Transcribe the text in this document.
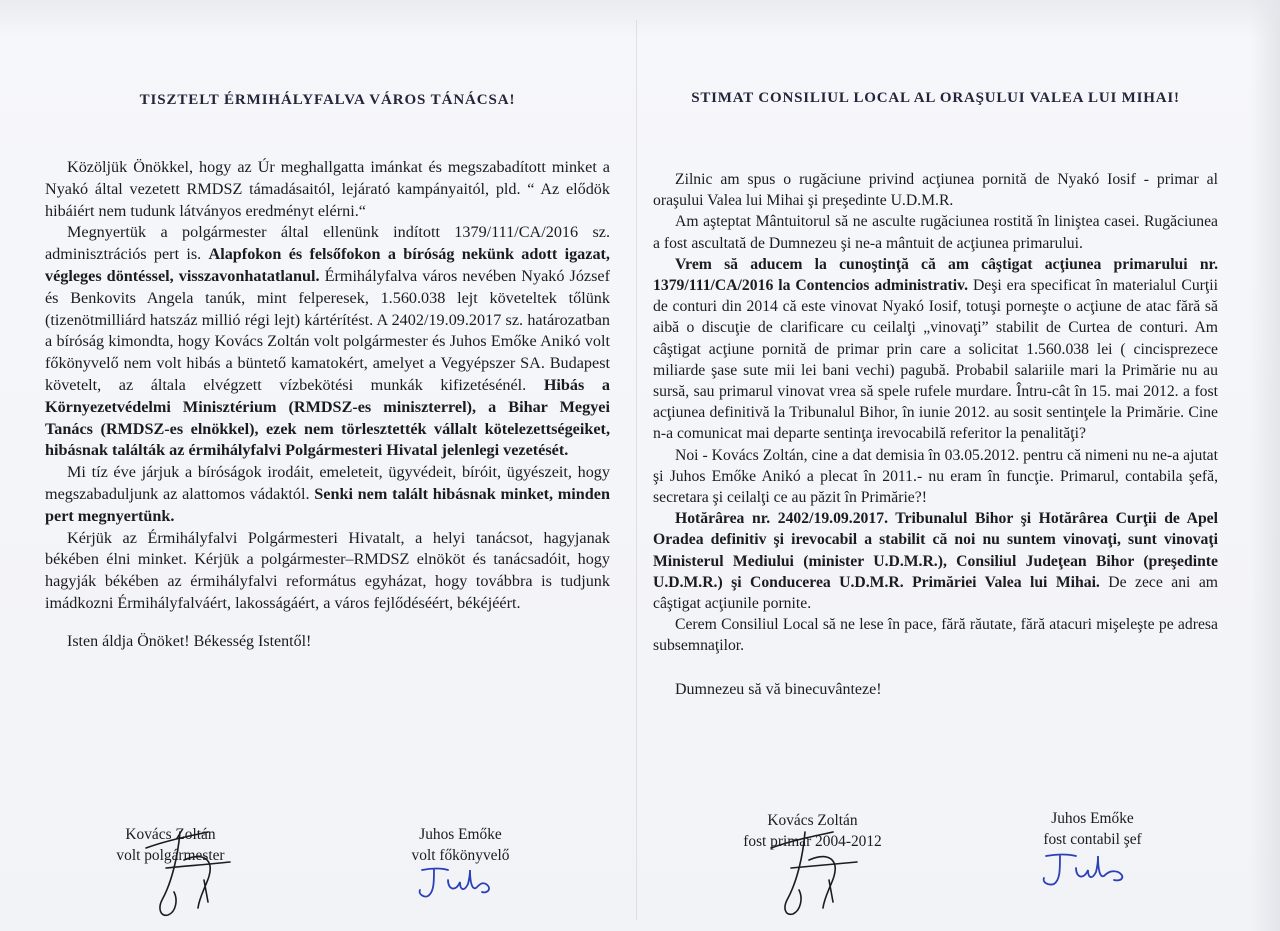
TISZTELT ÉRMIHÁLYFALVA VÁROS TÁNÁCSA!

Közöljük Önökkel, hogy az Úr meghallgatta imánkat és megszabadított minket a Nyakó által vezetett RMDSZ támadásaitól, lejárató kampányaitól, pld. “ Az elődök hibáiért nem tudunk látványos eredményt elérni.“

Megnyertük a polgármester által ellenünk indított 1379/111/CA/2016 sz. adminisztrációs pert is. Alapfokon és felsőfokon a bíróság nekünk adott igazat, végleges döntéssel, visszavonhatatlanul. Érmihályfalva város nevében Nyakó József és Benkovits Angela tanúk, mint felperesek, 1.560.038 lejt követeltek tőlünk (tizenötmilliárd hatszáz millió régi lejt) kártérítést. A 2402/19.09.2017 sz. határozatban a bíróság kimondta, hogy Kovács Zoltán volt polgármester és Juhos Emőke Anikó volt főkönyvelő nem volt hibás a büntető kamatokért, amelyet a Vegyépszer SA. Budapest követelt, az általa elvégzett vízbekötési munkák kifizetésénél. Hibás a Környezetvédelmi Minisztérium (RMDSZ-es miniszterrel), a Bihar Megyei Tanács (RMDSZ-es elnökkel), ezek nem törlesztették vállalt kötelezettségeiket, hibásnak találták az érmihályfalvi Polgármesteri Hivatal jelenlegi vezetését.

Mi tíz éve járjuk a bíróságok irodáit, emeleteit, ügyvédeit, bíróit, ügyészeit, hogy megszabaduljunk az alattomos vádaktól. Senki nem talált hibásnak minket, minden pert megnyertünk.

Kérjük az Érmihályfalvi Polgármesteri Hivatalt, a helyi tanácsot, hagyjanak békében élni minket. Kérjük a polgármester–RMDSZ elnököt és tanácsadóit, hogy hagyják békében az érmihályfalvi református egyházat, hogy továbbra is tudjunk imádkozni Érmihályfalváért, lakosságáért, a város fejlődéséért, békéjéért.

Isten áldja Önöket! Békesség Istentől!

STIMAT CONSILIUL LOCAL AL ORAŞULUI VALEA LUI MIHAI!

Zilnic am spus o rugăciune privind acţiunea pornită de Nyakó Iosif - primar al oraşului Valea lui Mihai şi preşedinte U.D.M.R.

Am aşteptat Mântuitorul să ne asculte rugăciunea rostită în liniştea casei. Rugăciunea a fost ascultată de Dumnezeu şi ne-a mântuit de acţiunea primarului.

Vrem să aducem la cunoştinţă că am câştigat acţiunea primarului nr. 1379/111/CA/2016 la Contencios administrativ. Deşi era specificat în materialul Curţii de conturi din 2014 că este vinovat Nyakó Iosif, totuşi porneşte o acţiune de atac fără să aibă o discuţie de clarificare cu ceilalţi „vinovaţi” stabilit de Curtea de conturi. Am câştigat acţiune pornită de primar prin care a solicitat 1.560.038 lei ( cincisprezece miliarde şase sute mii lei bani vechi) pagubă. Probabil salariile mari la Primărie nu au sursă, sau primarul vinovat vrea să spele rufele murdare. Întru-cât în 15. mai 2012. a fost acţiunea definitivă la Tribunalul Bihor, în iunie 2012. au sosit sentinţele la Primărie. Cine n-a comunicat mai departe sentinţa irevocabilă referitor la penalităţi?

Noi - Kovács Zoltán, cine a dat demisia în 03.05.2012. pentru că nimeni nu ne-a ajutat şi Juhos Emőke Anikó a plecat în 2011.- nu eram în funcţie. Primarul, contabila şefă, secretara şi ceilalţi ce au păzit în Primărie?!

Hotărârea nr. 2402/19.09.2017. Tribunalul Bihor şi Hotărârea Curţii de Apel Oradea definitiv şi irevocabil a stabilit că noi nu suntem vinovaţi, sunt vinovaţi Ministerul Mediului (minister U.D.M.R.), Consiliul Judeţean Bihor (preşedinte U.D.M.R.) şi Conducerea U.D.M.R. Primăriei Valea lui Mihai. De zece ani am câştigat acţiunile pornite.

Cerem Consiliul Local să ne lese în pace, fără răutate, fără atacuri mişeleşte pe adresa subsemnaţilor.

Dumnezeu să vă binecuvânteze!

Kovács Zoltán
volt polgármester
Juhos Emőke
volt főkönyvelő
Kovács Zoltán
fost primar 2004-2012
Juhos Emőke
fost contabil şef
